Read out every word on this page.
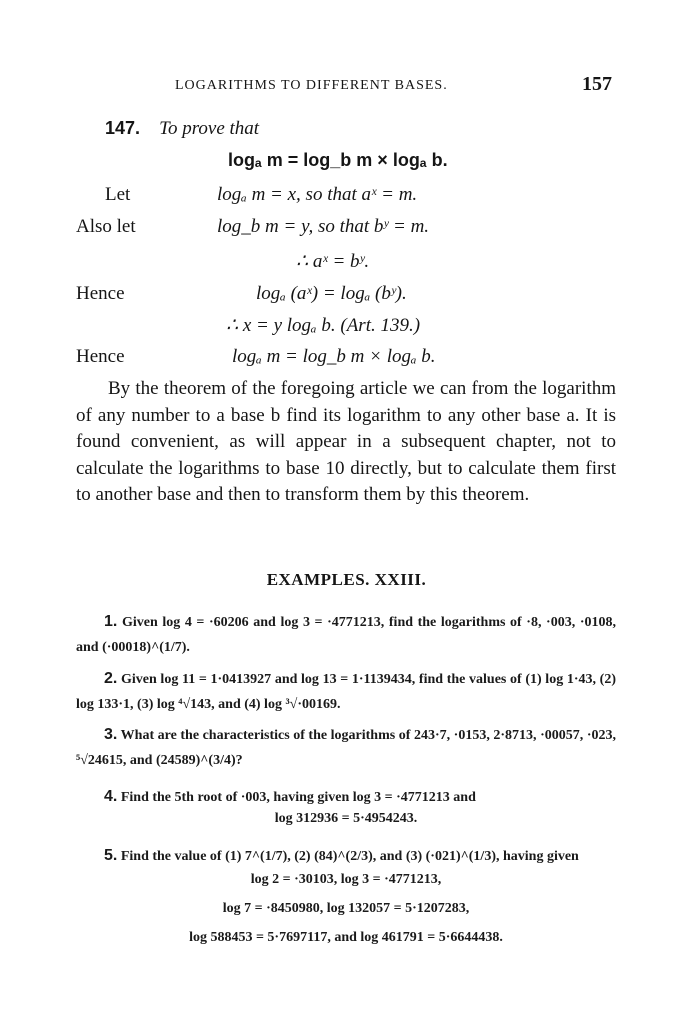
LOGARITHMS TO DIFFERENT BASES.	157
147. To prove that
logₐ m = log_b m × logₐ b.
Let	logₐ m = x, so that aˣ = m.
Also let	log_b m = y, so that bʸ = m.
∴ aˣ = bʸ.
Hence	logₐ (aˣ) = logₐ (bʸ).
∴ x = y logₐ b. (Art. 139.)
Hence	logₐ m = log_b m × logₐ b.
By the theorem of the foregoing article we can from the logarithm of any number to a base b find its logarithm to any other base a. It is found convenient, as will appear in a subsequent chapter, not to calculate the logarithms to base 10 directly, but to calculate them first to another base and then to transform them by this theorem.
EXAMPLES. XXIII.
1. Given log 4 = ·60206 and log 3 = ·4771213, find the logarithms of ·8, ·003, ·0108, and (·00018)^(1/7).
2. Given log 11 = 1·0413927 and log 13 = 1·1139434, find the values of (1) log 1·43, (2) log 133·1, (3) log ⁴√143, and (4) log ³√·00169.
3. What are the characteristics of the logarithms of 243·7, ·0153, 2·8713, ·00057, ·023, ⁵√24615, and (24589)^(3/4)?
4. Find the 5th root of ·003, having given log 3 = ·4771213 and
log 312936 = 5·4954243.
5. Find the value of (1) 7^(1/7), (2) (84)^(2/3), and (3) (·021)^(1/3), having given
log 2 = ·30103, log 3 = ·4771213,
log 7 = ·8450980, log 132057 = 5·1207283,
log 588453 = 5·7697117, and log 461791 = 5·6644438.
